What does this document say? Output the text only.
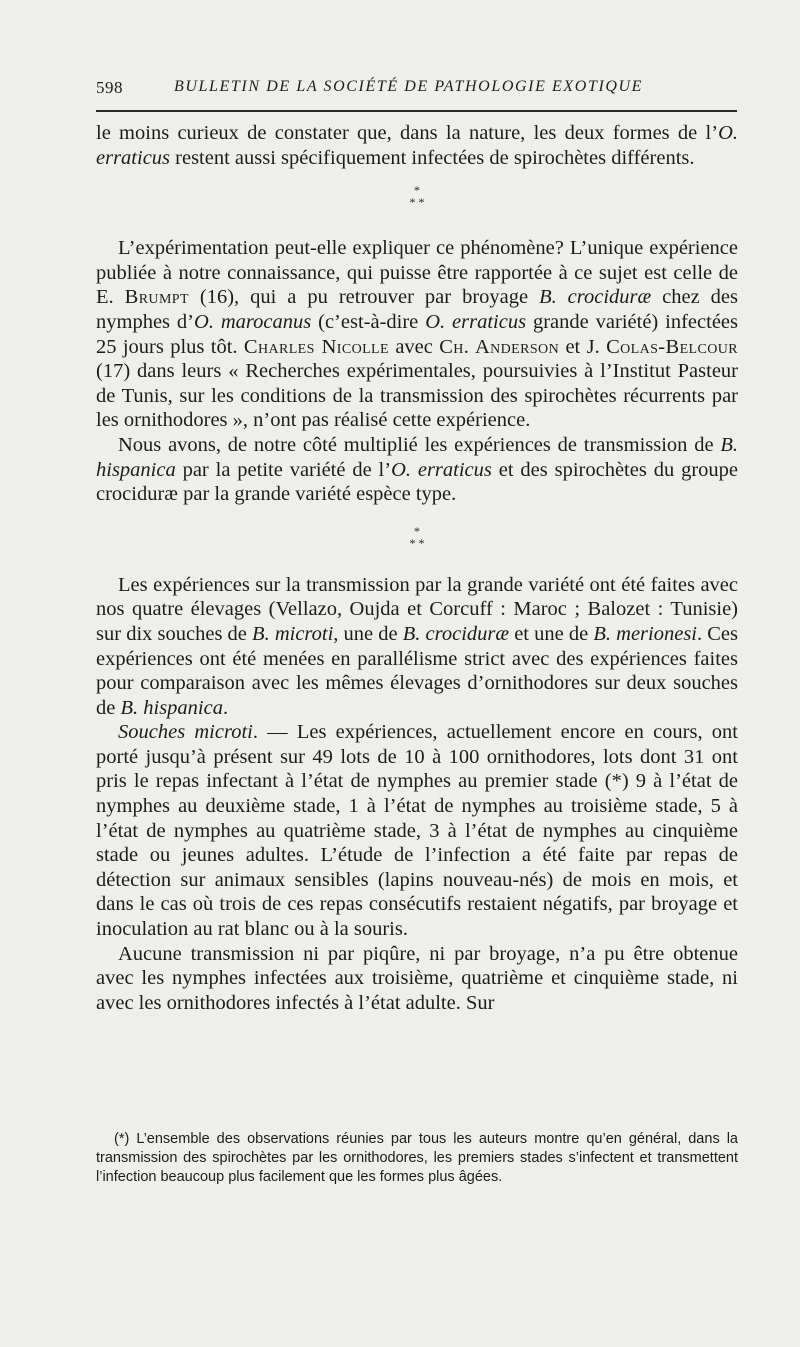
598	BULLETIN DE LA SOCIÉTÉ DE PATHOLOGIE EXOTIQUE

le moins curieux de constater que, dans la nature, les deux formes de l’O. erraticus restent aussi spécifiquement infectées de spirochètes différents.

*
* *

L’expérimentation peut-elle expliquer ce phénomène? L’unique expérience publiée à notre connaissance, qui puisse être rapportée à ce sujet est celle de E. Brumpt (16), qui a pu retrouver par broyage B. crociduræ chez des nymphes d’O. marocanus (c’est-à-dire O. erraticus grande variété) infectées 25 jours plus tôt. Charles Nicolle avec Ch. Anderson et J. Colas-Belcour (17) dans leurs « Recherches expérimentales, poursuivies à l’Institut Pasteur de Tunis, sur les conditions de la transmission des spirochètes récurrents par les ornithodores », n’ont pas réalisé cette expérience.

Nous avons, de notre côté multiplié les expériences de transmission de B. hispanica par la petite variété de l’O. erraticus et des spirochètes du groupe crociduræ par la grande variété espèce type.

*
* *

Les expériences sur la transmission par la grande variété ont été faites avec nos quatre élevages (Vellazo, Oujda et Corcuff : Maroc ; Balozet : Tunisie) sur dix souches de B. microti, une de B. crociduræ et une de B. merionesi. Ces expériences ont été menées en parallélisme strict avec des expériences faites pour comparaison avec les mêmes élevages d’ornithodores sur deux souches de B. hispanica.

Souches microti. — Les expériences, actuellement encore en cours, ont porté jusqu’à présent sur 49 lots de 10 à 100 ornithodores, lots dont 31 ont pris le repas infectant à l’état de nymphes au premier stade (*) 9 à l’état de nymphes au deuxième stade, 1 à l’état de nymphes au troisième stade, 5 à l’état de nymphes au quatrième stade, 3 à l’état de nymphes au cinquième stade ou jeunes adultes. L’étude de l’infection a été faite par repas de détection sur animaux sensibles (lapins nouveau-nés) de mois en mois, et dans le cas où trois de ces repas consécutifs restaient négatifs, par broyage et inoculation au rat blanc ou à la souris.

Aucune transmission ni par piqûre, ni par broyage, n’a pu être obtenue avec les nymphes infectées aux troisième, quatrième et cinquième stade, ni avec les ornithodores infectés à l’état adulte. Sur

(*) L’ensemble des observations réunies par tous les auteurs montre qu’en général, dans la transmission des spirochètes par les ornithodores, les premiers stades s’infectent et transmettent l’infection beaucoup plus facilement que les formes plus âgées.
